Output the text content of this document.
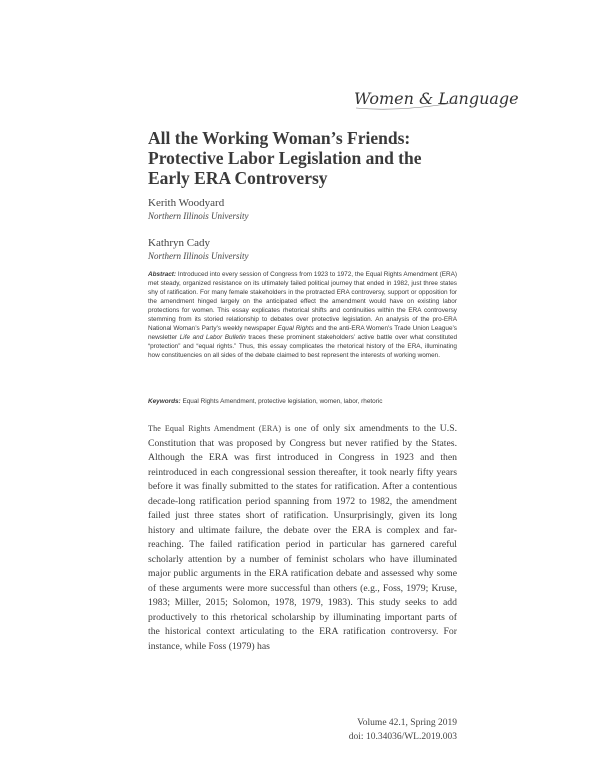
Women & Language
All the Working Woman’s Friends:
Protective Labor Legislation and the
Early ERA Controversy
Kerith Woodyard
Northern Illinois University
Kathryn Cady
Northern Illinois University

Abstract: Introduced into every session of Congress from 1923 to 1972, the Equal Rights Amendment (ERA) met steady, organized resistance on its ultimately failed political journey that ended in 1982, just three states shy of ratification. For many female stakeholders in the protracted ERA controversy, support or opposition for the amendment hinged largely on the anticipated effect the amendment would have on existing labor protections for women. This essay explicates rhetorical shifts and continuities within the ERA controversy stemming from its storied relationship to debates over protective legislation. An analysis of the pro-ERA National Woman’s Party’s weekly newspaper Equal Rights and the anti-ERA Women’s Trade Union League’s newsletter Life and Labor Bulletin traces these prominent stakeholders’ active battle over what constituted “protection” and “equal rights.” Thus, this essay complicates the rhetorical history of the ERA, illuminating how constituencies on all sides of the debate claimed to best represent the interests of working women.

Keywords: Equal Rights Amendment, protective legislation, women, labor, rhetoric

The Equal Rights Amendment (ERA) is one of only six amendments to the U.S. Constitution that was proposed by Congress but never ratified by the States. Although the ERA was first introduced in Congress in 1923 and then reintroduced in each congressional session thereafter, it took nearly fifty years before it was finally submitted to the states for ratification. After a contentious decade-long ratification period spanning from 1972 to 1982, the amendment failed just three states short of ratification. Unsurprisingly, given its long history and ultimate failure, the debate over the ERA is complex and far-reaching. The failed ratification period in particular has garnered careful scholarly attention by a number of feminist scholars who have illuminated major public arguments in the ERA ratification debate and assessed why some of these arguments were more successful than others (e.g., Foss, 1979; Kruse, 1983; Miller, 2015; Solomon, 1978, 1979, 1983). This study seeks to add productively to this rhetorical scholarship by illuminating important parts of the historical context articulating to the ERA ratification controversy. For instance, while Foss (1979) has

Volume 42.1, Spring 2019
doi: 10.34036/WL.2019.003
